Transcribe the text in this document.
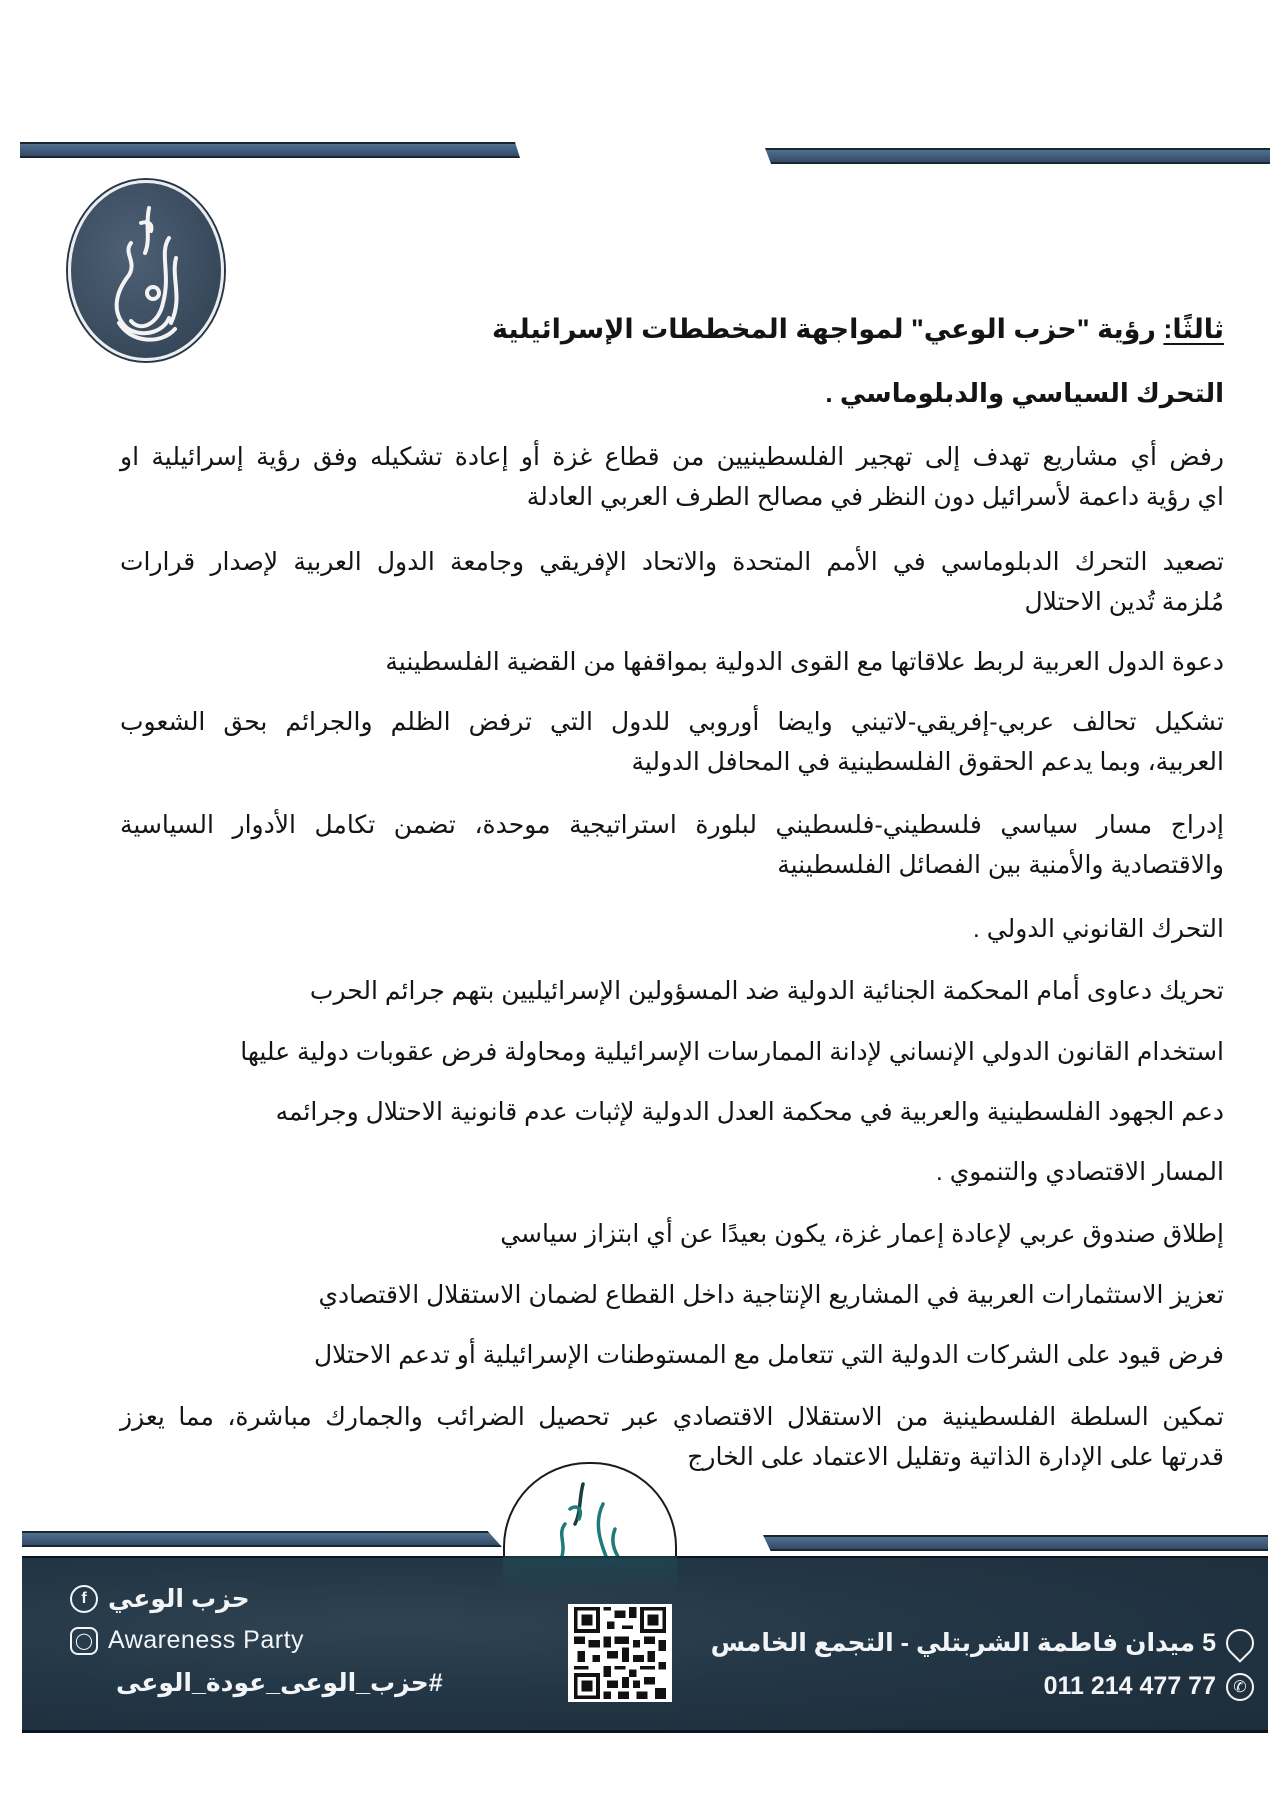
ثالثًا: رؤية "حزب الوعي" لمواجهة المخططات الإسرائيلية
التحرك السياسي والدبلوماسي .
رفض أي مشاريع تهدف إلى تهجير الفلسطينيين من قطاع غزة أو إعادة تشكيله وفق رؤية إسرائيلية او
اي رؤية داعمة لأسرائيل دون النظر في مصالح الطرف العربي العادلة
تصعيد التحرك الدبلوماسي في الأمم المتحدة والاتحاد الإفريقي وجامعة الدول العربية لإصدار قرارات
مُلزمة تُدين الاحتلال
دعوة الدول العربية لربط علاقاتها مع القوى الدولية بمواقفها من القضية الفلسطينية
تشكيل تحالف عربي-إفريقي-لاتيني وايضا أوروبي للدول التي ترفض الظلم والجرائم بحق الشعوب
العربية، وبما يدعم الحقوق الفلسطينية في المحافل الدولية
إدراج مسار سياسي فلسطيني-فلسطيني لبلورة استراتيجية موحدة، تضمن تكامل الأدوار السياسية
والاقتصادية والأمنية بين الفصائل الفلسطينية
التحرك القانوني الدولي .
تحريك دعاوى أمام المحكمة الجنائية الدولية ضد المسؤولين الإسرائيليين بتهم جرائم الحرب
استخدام القانون الدولي الإنساني لإدانة الممارسات الإسرائيلية ومحاولة فرض عقوبات دولية عليها
دعم الجهود الفلسطينية والعربية في محكمة العدل الدولية لإثبات عدم قانونية الاحتلال وجرائمه
المسار الاقتصادي والتنموي .
إطلاق صندوق عربي لإعادة إعمار غزة، يكون بعيدًا عن أي ابتزاز سياسي
تعزيز الاستثمارات العربية في المشاريع الإنتاجية داخل القطاع لضمان الاستقلال الاقتصادي
فرض قيود على الشركات الدولية التي تتعامل مع المستوطنات الإسرائيلية أو تدعم الاحتلال
تمكين السلطة الفلسطينية من الاستقلال الاقتصادي عبر تحصيل الضرائب والجمارك مباشرة، مما يعزز
قدرتها على الإدارة الذاتية وتقليل الاعتماد على الخارج
f حزب الوعي
◯ Awareness Party
#حزب_الوعى_عودة_الوعى
5 ميدان فاطمة الشربتلي - التجمع الخامس
✆
011 214 477 77
